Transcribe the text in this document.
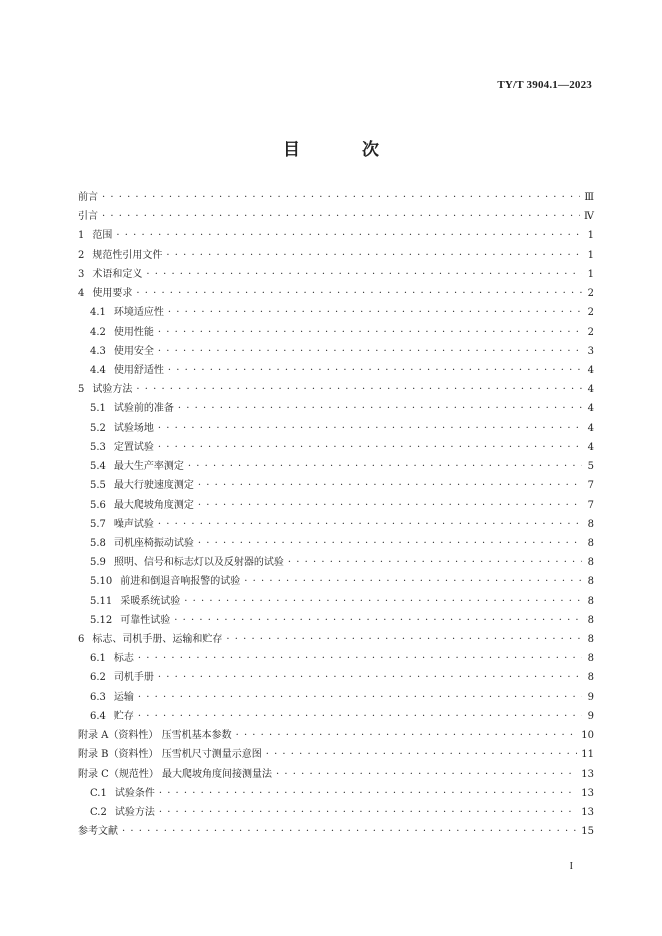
TY/T 3904.1—2023
目 次
前言 · · ·	Ⅲ
引言 · · ·	Ⅳ
1 范围 · · ·	1
2 规范性引用文件 · · ·	1
3 术语和定义 · · ·	1
4 使用要求 · · ·	2
4.1 环境适应性 · · ·	2
4.2 使用性能 · · ·	2
4.3 使用安全 · · ·	3
4.4 使用舒适性 · · ·	4
5 试验方法 · · ·	4
5.1 试验前的准备 · · ·	4
5.2 试验场地 · · ·	4
5.3 定置试验 · · ·	4
5.4 最大生产率测定 · · ·	5
5.5 最大行驶速度测定 · · ·	7
5.6 最大爬坡角度测定 · · ·	7
5.7 噪声试验 · · ·	8
5.8 司机座椅振动试验 · · ·	8
5.9 照明、信号和标志灯以及反射器的试验 · · ·	8
5.10 前进和倒退音响报警的试验 · · ·	8
5.11 采暖系统试验 · · ·	8
5.12 可靠性试验 · · ·	8
6 标志、司机手册、运输和贮存 · · ·	8
6.1 标志 · · ·	8
6.2 司机手册 · · ·	8
6.3 运输 · · ·	9
6.4 贮存 · · ·	9
附录 A（资料性） 压雪机基本参数 · · ·	10
附录 B（资料性） 压雪机尺寸测量示意图 · · ·	11
附录 C（规范性） 最大爬坡角度间接测量法 · · ·	13
C.1 试验条件 · · ·	13
C.2 试验方法 · · ·	13
参考文献 · · ·	15
I
